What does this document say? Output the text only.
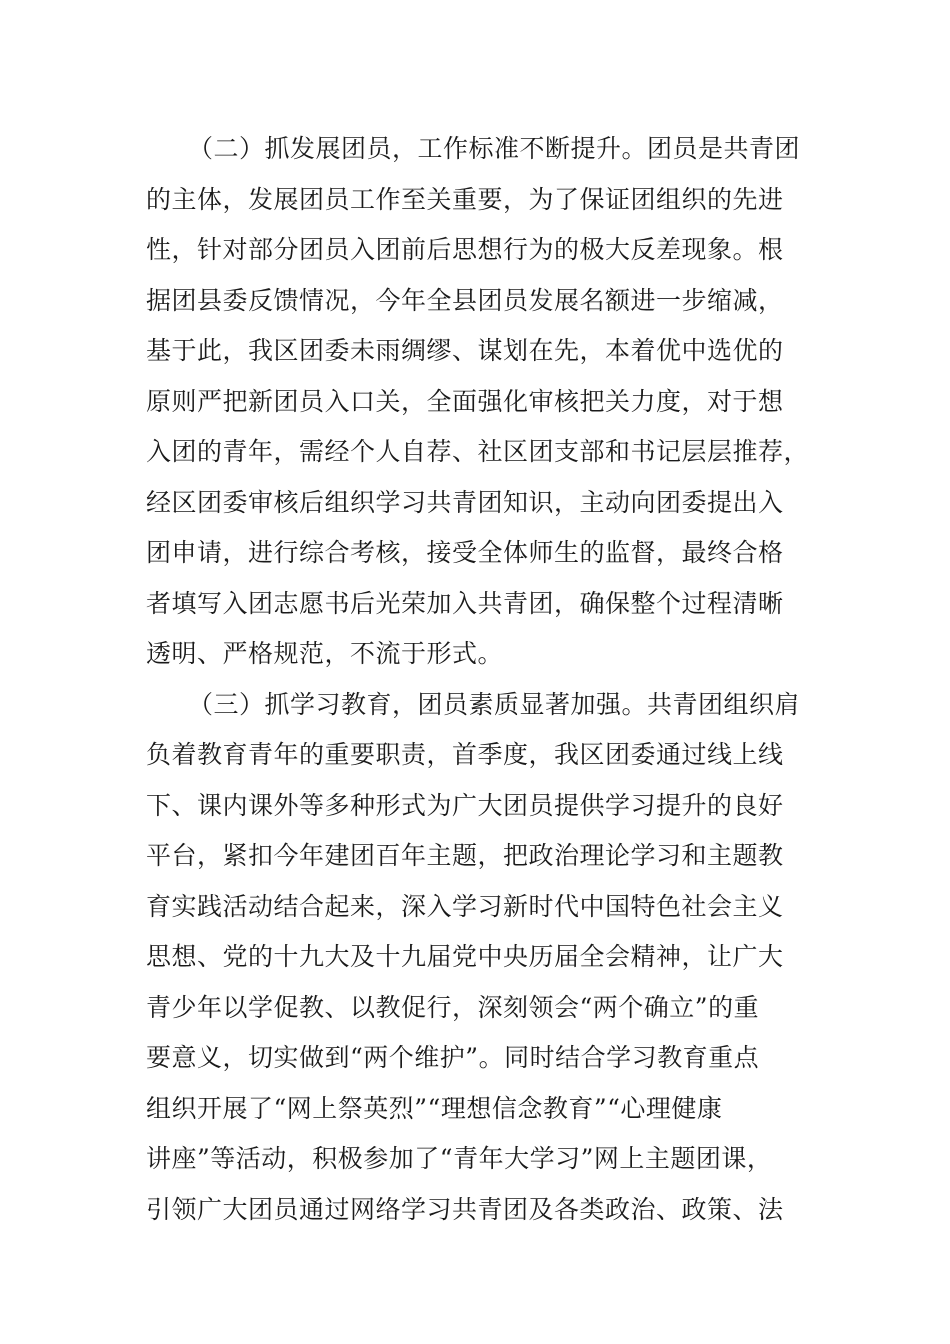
（二）抓发展团员，工作标准不断提升。团员是共青团
的主体，发展团员工作至关重要，为了保证团组织的先进
性，针对部分团员入团前后思想行为的极大反差现象。根
据团县委反馈情况，今年全县团员发展名额进一步缩减，
基于此，我区团委未雨绸缪、谋划在先，本着优中选优的
原则严把新团员入口关，全面强化审核把关力度，对于想
入团的青年，需经个人自荐、社区团支部和书记层层推荐，
经区团委审核后组织学习共青团知识，主动向团委提出入
团申请，进行综合考核，接受全体师生的监督，最终合格
者填写入团志愿书后光荣加入共青团，确保整个过程清晰
透明、严格规范，不流于形式。
（三）抓学习教育，团员素质显著加强。共青团组织肩
负着教育青年的重要职责，首季度，我区团委通过线上线
下、课内课外等多种形式为广大团员提供学习提升的良好
平台，紧扣今年建团百年主题，把政治理论学习和主题教
育实践活动结合起来，深入学习新时代中国特色社会主义
思想、党的十九大及十九届党中央历届全会精神，让广大
青少年以学促教、以教促行，深刻领会“两个确立”的重
要意义，切实做到“两个维护”。同时结合学习教育重点
组织开展了“网上祭英烈”“理想信念教育”“心理健康
讲座”等活动，积极参加了“青年大学习”网上主题团课，
引领广大团员通过网络学习共青团及各类政治、政策、法
